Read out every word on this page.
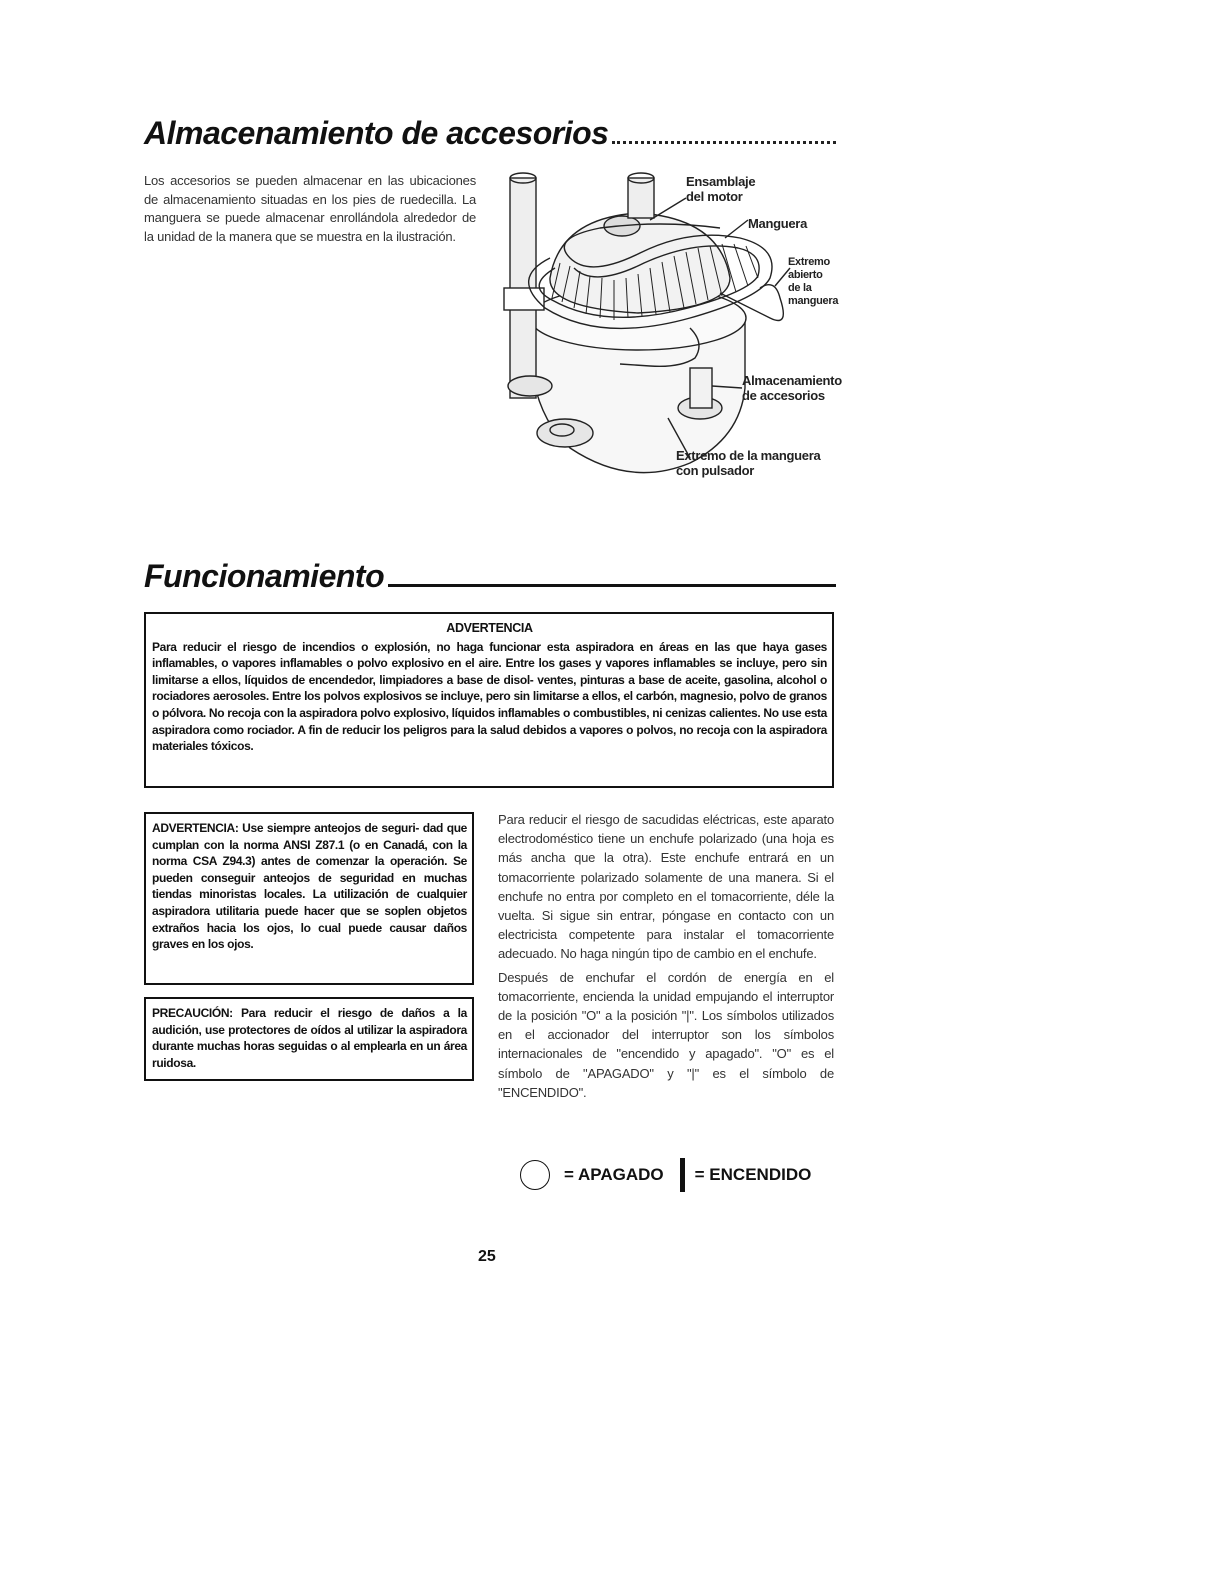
Almacenamiento de accesorios

Los accesorios se pueden almacenar en las ubicaciones de almacenamiento situadas en los pies de ruedecilla. La manguera se puede almacenar enrollándola alrededor de la unidad de la manera que se muestra en la ilustración.

Ensamblaje
del motor
Manguera
Extremo
abierto
de la
manguera
Almacenamiento
de accesorios
Extremo de la manguera
con pulsador
Funcionamiento
ADVERTENCIA
Para reducir el riesgo de incendios o explosión, no haga funcionar esta aspiradora en áreas en las que haya gases inflamables, o vapores inflamables o polvo explosivo en el aire. Entre los gases y vapores inflamables se incluye, pero sin limitarse a ellos, líquidos de encendedor, limpiadores a base de disol- ventes, pinturas a base de aceite, gasolina, alcohol o rociadores aerosoles. Entre los polvos explosivos se incluye, pero sin limitarse a ellos, el carbón, magnesio, polvo de granos o pólvora. No recoja con la aspiradora polvo explosivo, líquidos inflamables o combustibles, ni cenizas calientes. No use esta aspiradora como rociador. A fin de reducir los peligros para la salud debidos a vapores o polvos, no recoja con la aspiradora materiales tóxicos.
ADVERTENCIA: Use siempre anteojos de seguri- dad que cumplan con la norma ANSI Z87.1 (o en Canadá, con la norma CSA Z94.3) antes de comenzar la operación. Se pueden conseguir anteojos de seguridad en muchas tiendas minoristas locales. La utilización de cualquier aspiradora utilitaria puede hacer que se soplen objetos extraños hacia los ojos, lo cual puede causar daños graves en los ojos.
PRECAUCIÓN: Para reducir el riesgo de daños a la audición, use protectores de oídos al utilizar la aspiradora durante muchas horas seguidas o al emplearla en un área ruidosa.

Para reducir el riesgo de sacudidas eléctricas, este aparato electrodoméstico tiene un enchufe polarizado (una hoja es más ancha que la otra). Este enchufe entrará en un tomacorriente polarizado solamente de una manera. Si el enchufe no entra por completo en el tomacorriente, déle la vuelta. Si sigue sin entrar, póngase en contacto con un electricista competente para instalar el tomacorriente adecuado. No haga ningún tipo de cambio en el enchufe.

Después de enchufar el cordón de energía en el tomacorriente, encienda la unidad empujando el interruptor de la posición "O" a la posición "|". Los símbolos utilizados en el accionador del interruptor son los símbolos internacionales de "encendido y apagado". "O" es el símbolo de "APAGADO" y "|" es el símbolo de "ENCENDIDO".

= APAGADO = ENCENDIDO
25
